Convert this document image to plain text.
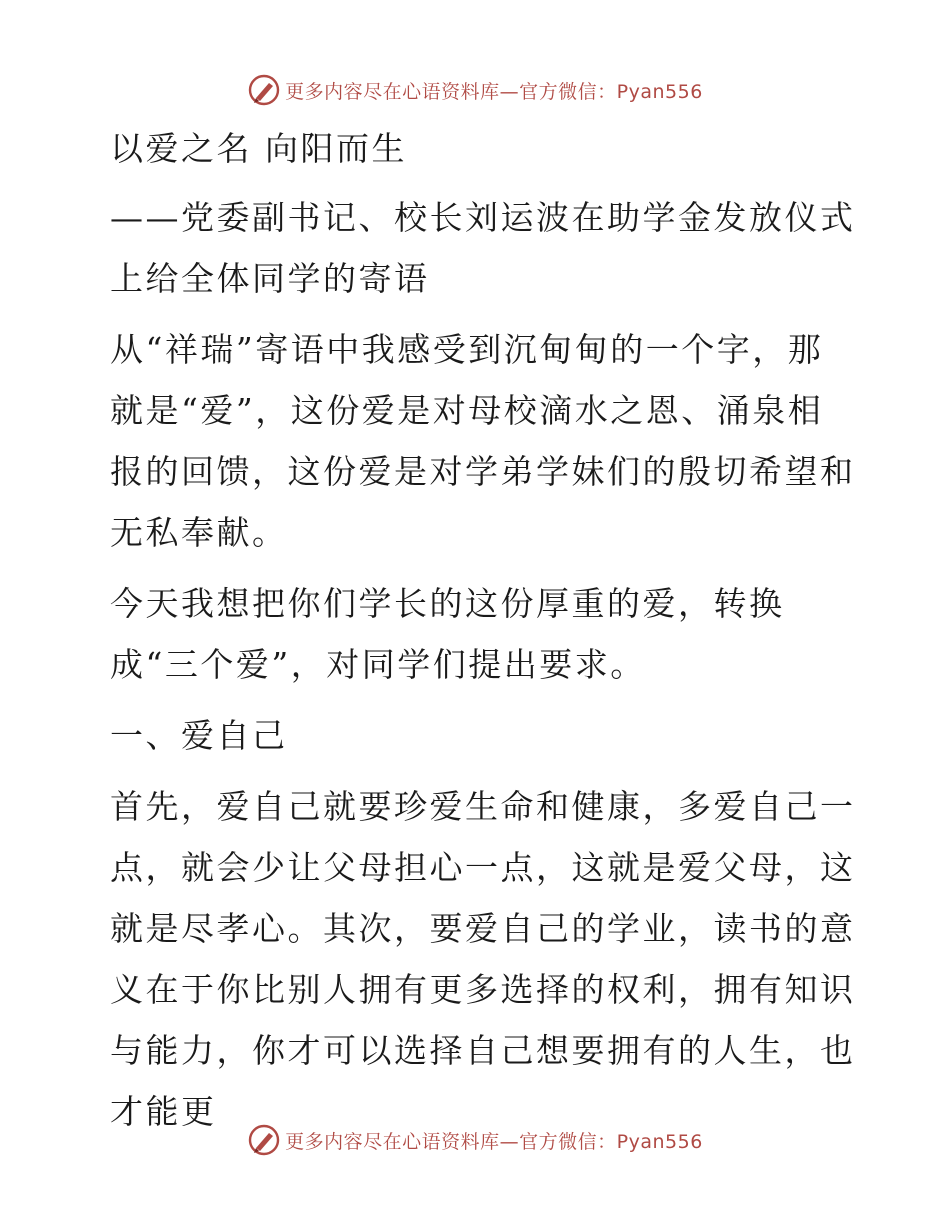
更多内容尽在心语资料库—官方微信：Pyan556

以爱之名 向阳而生

——党委副书记、校长刘运波在助学金发放仪式上给全体同学的寄语

从“祥瑞”寄语中我感受到沉甸甸的一个字，那就是“爱”，这份爱是对母校滴水之恩、涌泉相报的回馈，这份爱是对学弟学妹们的殷切希望和无私奉献。

今天我想把你们学长的这份厚重的爱，转换成“三个爱”，对同学们提出要求。

一、爱自己

首先，爱自己就要珍爱生命和健康，多爱自己一点，就会少让父母担心一点，这就是爱父母，这就是尽孝心。其次，要爱自己的学业，读书的意义在于你比别人拥有更多选择的权利，拥有知识与能力，你才可以选择自己想要拥有的人生，也才能更

更多内容尽在心语资料库—官方微信：Pyan556
